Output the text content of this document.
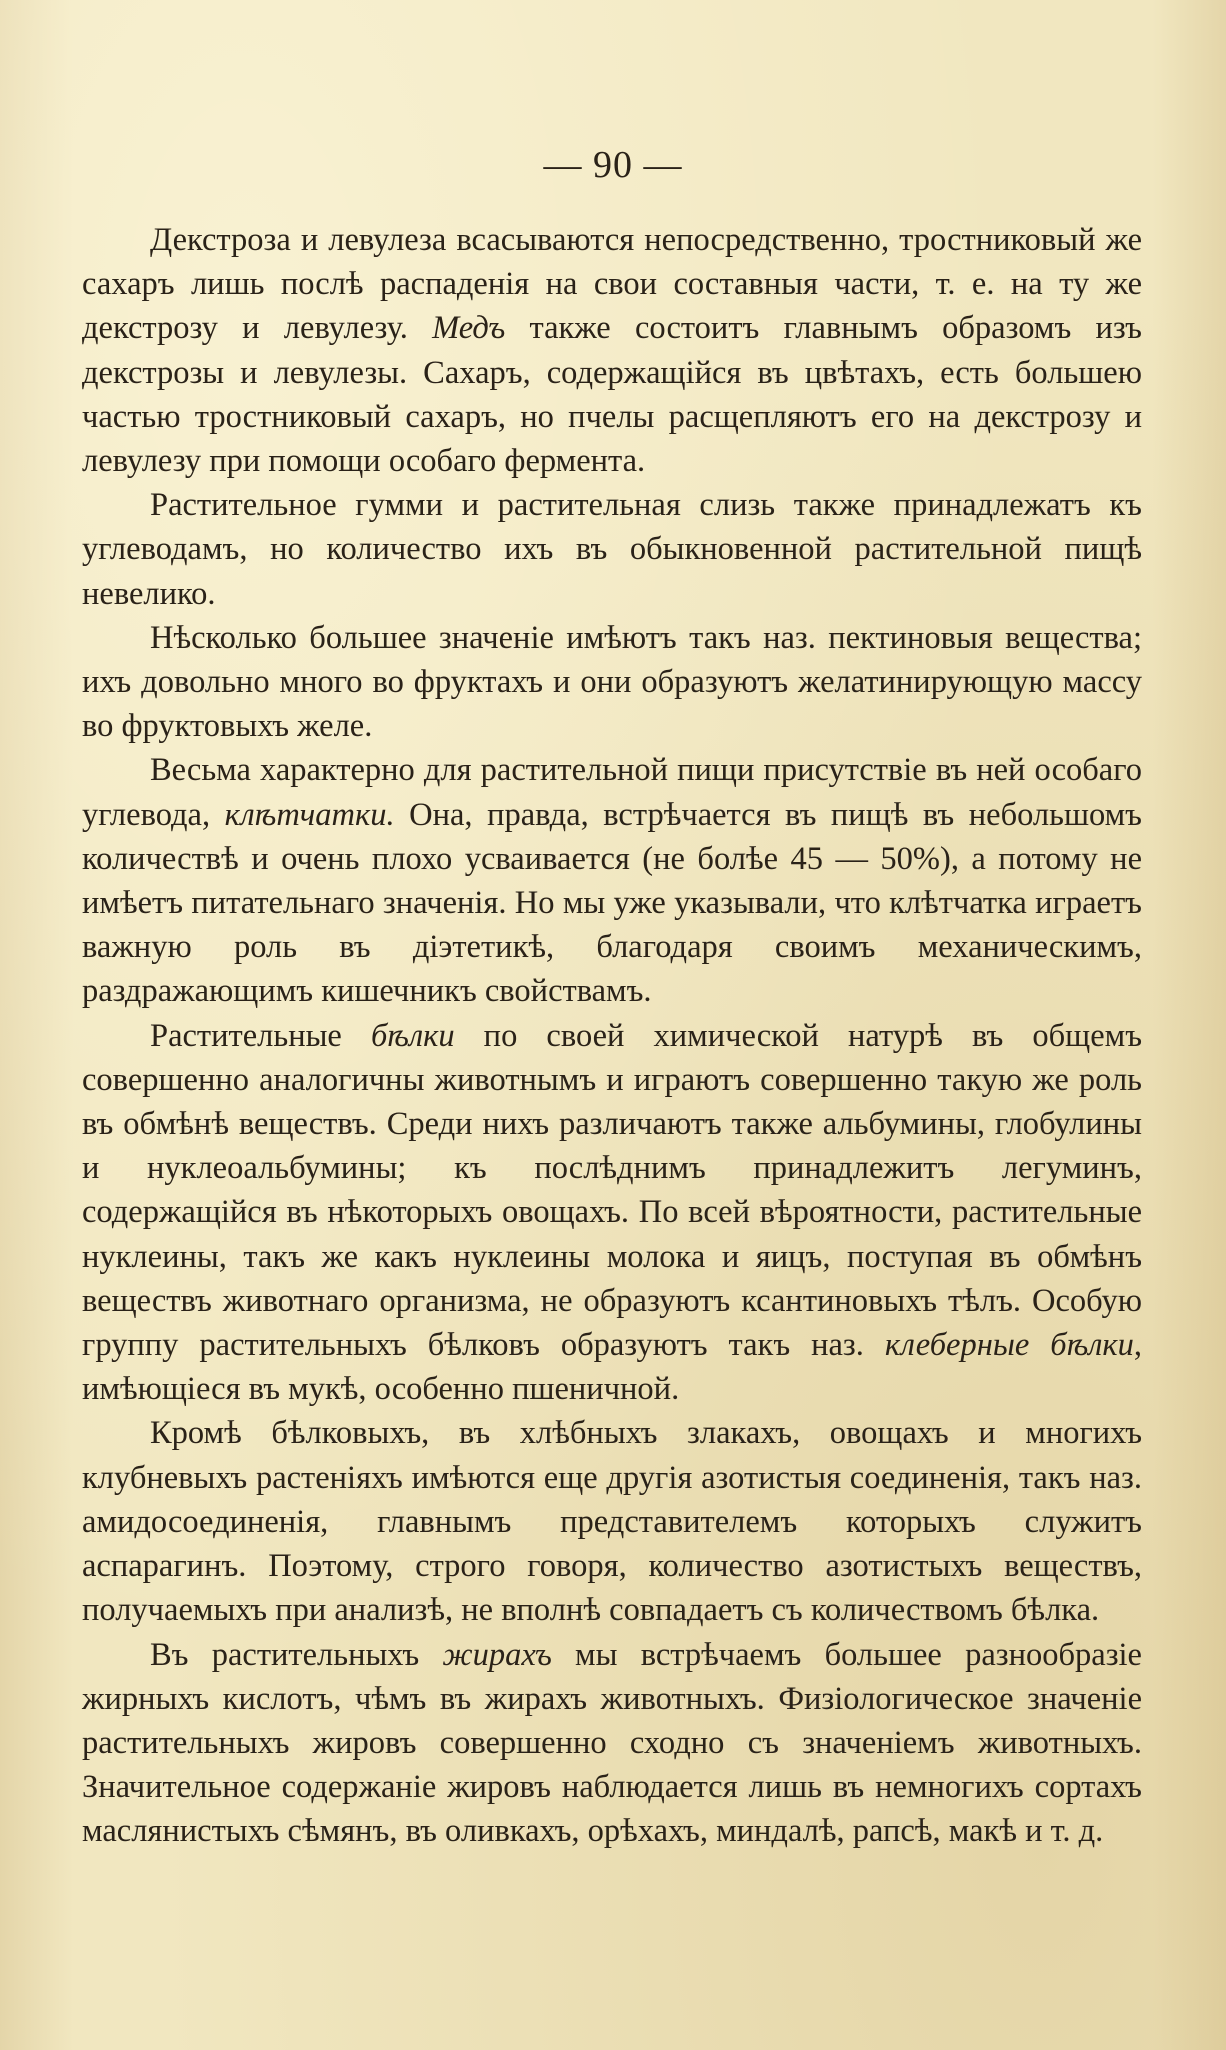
— 90 —

Декстроза и левулеза всасываются непосредственно, тростниковый же сахаръ лишь послѣ распаденія на свои составныя части, т. е. на ту же декстрозу и левулезу. Медъ также состоитъ главнымъ образомъ изъ декстрозы и левулезы. Сахаръ, содержащійся въ цвѣтахъ, есть большею частью тростниковый сахаръ, но пчелы расщепляютъ его на декстрозу и левулезу при помощи особаго фермента.

Растительное гумми и растительная слизь также принадлежатъ къ углеводамъ, но количество ихъ въ обыкновенной растительной пищѣ невелико.

Нѣсколько большее значеніе имѣютъ такъ наз. пектиновыя вещества; ихъ довольно много во фруктахъ и они образуютъ желатинирующую массу во фруктовыхъ желе.

Весьма характерно для растительной пищи присутствіе въ ней особаго углевода, клѣтчатки. Она, правда, встрѣчается въ пищѣ въ небольшомъ количествѣ и очень плохо усваивается (не болѣе 45 — 50%), а потому не имѣетъ питательнаго значенія. Но мы уже указывали, что клѣтчатка играетъ важную роль въ діэтетикѣ, благодаря своимъ механическимъ, раздражающимъ кишечникъ свойствамъ.

Растительные бѣлки по своей химической натурѣ въ общемъ совершенно аналогичны животнымъ и играютъ совершенно такую же роль въ обмѣнѣ веществъ. Среди нихъ различаютъ также альбумины, глобулины и нуклеоальбумины; къ послѣднимъ принадлежитъ легуминъ, содержащійся въ нѣкоторыхъ овощахъ. По всей вѣроятности, растительные нуклеины, такъ же какъ нуклеины молока и яицъ, поступая въ обмѣнъ веществъ животнаго организма, не образуютъ ксантиновыхъ тѣлъ. Особую группу растительныхъ бѣлковъ образуютъ такъ наз. клеберные бѣлки, имѣющіеся въ мукѣ, особенно пшеничной.

Кромѣ бѣлковыхъ, въ хлѣбныхъ злакахъ, овощахъ и многихъ клубневыхъ растеніяхъ имѣются еще другія азотистыя соединенія, такъ наз. амидосоединенія, главнымъ представителемъ которыхъ служитъ аспарагинъ. Поэтому, строго говоря, количество азотистыхъ веществъ, получаемыхъ при анализѣ, не вполнѣ совпадаетъ съ количествомъ бѣлка.

Въ растительныхъ жирахъ мы встрѣчаемъ большее разнообразіе жирныхъ кислотъ, чѣмъ въ жирахъ животныхъ. Физіологическое значеніе растительныхъ жировъ совершенно сходно съ значеніемъ животныхъ. Значительное содержаніе жировъ наблюдается лишь въ немногихъ сортахъ маслянистыхъ сѣмянъ, въ оливкахъ, орѣхахъ, миндалѣ, рапсѣ, макѣ и т. д.
